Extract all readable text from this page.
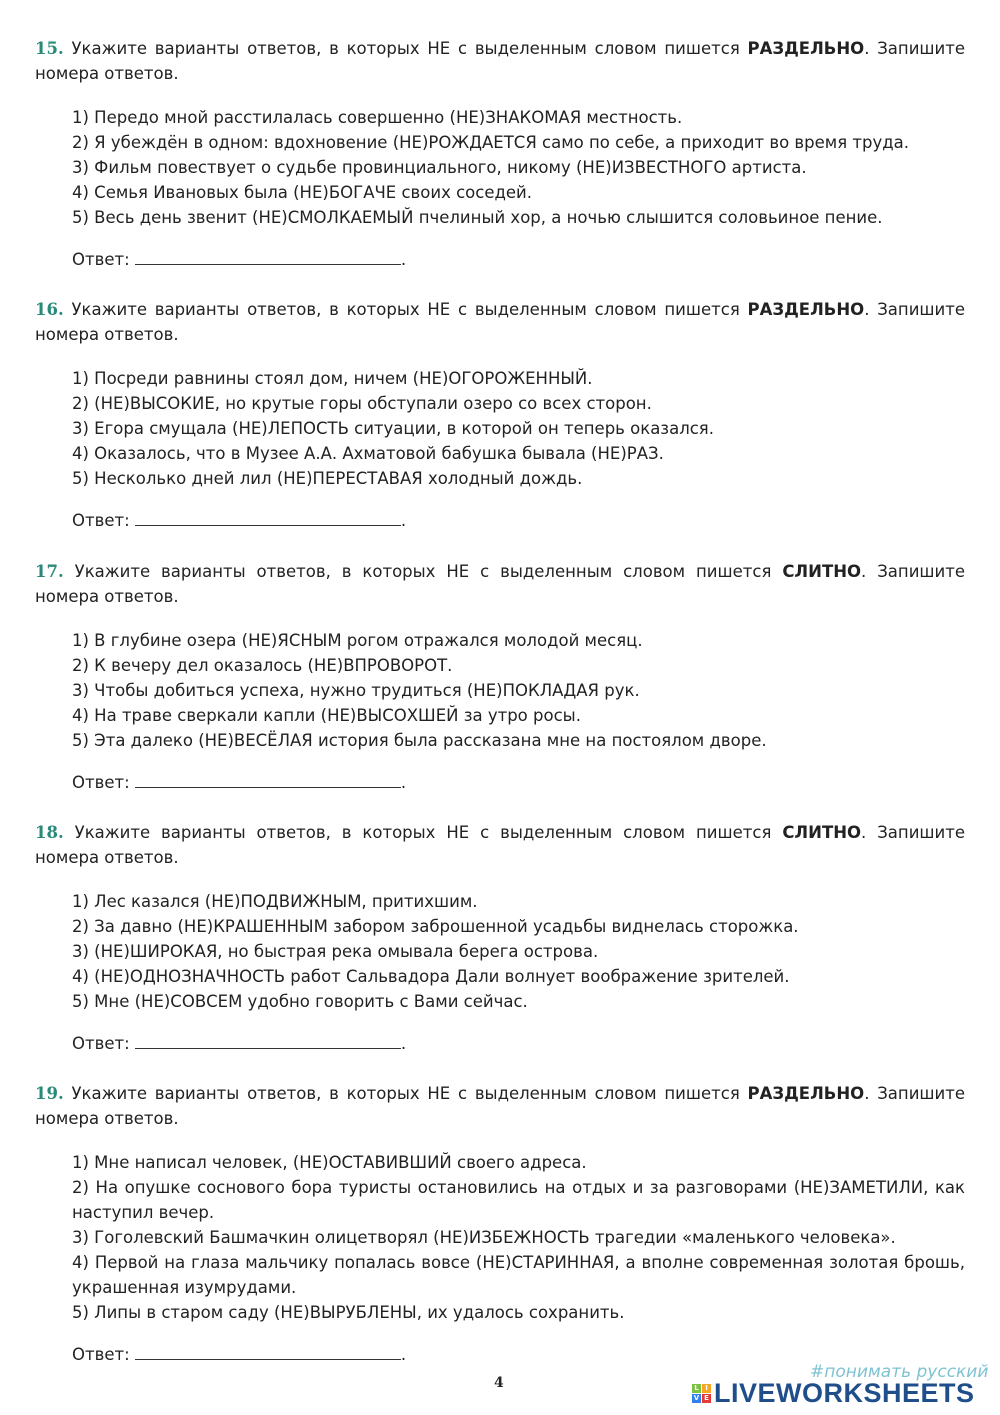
15. Укажите варианты ответов, в которых НЕ с выделенным словом пишется РАЗДЕЛЬНО. Запишите номера ответов.
1) Передо мной расстилалась совершенно (НЕ)ЗНАКОМАЯ местность.
2) Я убеждён в одном: вдохновение (НЕ)РОЖДАЕТСЯ само по себе, а приходит во время труда.
3) Фильм повествует о судьбе провинциального, никому (НЕ)ИЗВЕСТНОГО артиста.
4) Семья Ивановых была (НЕ)БОГАЧЕ своих соседей.
5) Весь день звенит (НЕ)СМОЛКАЕМЫЙ пчелиный хор, а ночью слышится соловьиное пение.
Ответ:	.
16. Укажите варианты ответов, в которых НЕ с выделенным словом пишется РАЗДЕЛЬНО. Запишите номера ответов.
1) Посреди равнины стоял дом, ничем (НЕ)ОГОРОЖЕННЫЙ.
2) (НЕ)ВЫСОКИЕ, но крутые горы обступали озеро со всех сторон.
3) Егора смущала (НЕ)ЛЕПОСТЬ ситуации, в которой он теперь оказался.
4) Оказалось, что в Музее А.А. Ахматовой бабушка бывала (НЕ)РАЗ.
5) Несколько дней лил (НЕ)ПЕРЕСТАВАЯ холодный дождь.
Ответ:	.
17. Укажите варианты ответов, в которых НЕ с выделенным словом пишется СЛИТНО. Запишите номера ответов.
1) В глубине озера (НЕ)ЯСНЫМ рогом отражался молодой месяц.
2) К вечеру дел оказалось (НЕ)ВПРОВОРОТ.
3) Чтобы добиться успеха, нужно трудиться (НЕ)ПОКЛАДАЯ рук.
4) На траве сверкали капли (НЕ)ВЫСОХШЕЙ за утро росы.
5) Эта далеко (НЕ)ВЕСЁЛАЯ история была рассказана мне на постоялом дворе.
Ответ:	.
18. Укажите варианты ответов, в которых НЕ с выделенным словом пишется СЛИТНО. Запишите номера ответов.
1) Лес казался (НЕ)ПОДВИЖНЫМ, притихшим.
2) За давно (НЕ)КРАШЕННЫМ забором заброшенной усадьбы виднелась сторожка.
3) (НЕ)ШИРОКАЯ, но быстрая река омывала берега острова.
4) (НЕ)ОДНОЗНАЧНОСТЬ работ Сальвадора Дали волнует воображение зрителей.
5) Мне (НЕ)СОВСЕМ удобно говорить с Вами сейчас.
Ответ:	.
19. Укажите варианты ответов, в которых НЕ с выделенным словом пишется РАЗДЕЛЬНО. Запишите номера ответов.
1) Мне написал человек, (НЕ)ОСТАВИВШИЙ своего адреса.
2) На опушке соснового бора туристы остановились на отдых и за разговорами (НЕ)ЗАМЕТИЛИ, как наступил вечер.
3) Гоголевский Башмачкин олицетворял (НЕ)ИЗБЕЖНОСТЬ трагедии «маленького человека».
4) Первой на глаза мальчику попалась вовсе (НЕ)СТАРИННАЯ, а вполне современная золотая брошь, украшенная изумрудами.
5) Липы в старом саду (НЕ)ВЫРУБЛЕНЫ, их удалось сохранить.
Ответ:	.
4
#понимать русский
L I
V E LIVEWORKSHEETS
